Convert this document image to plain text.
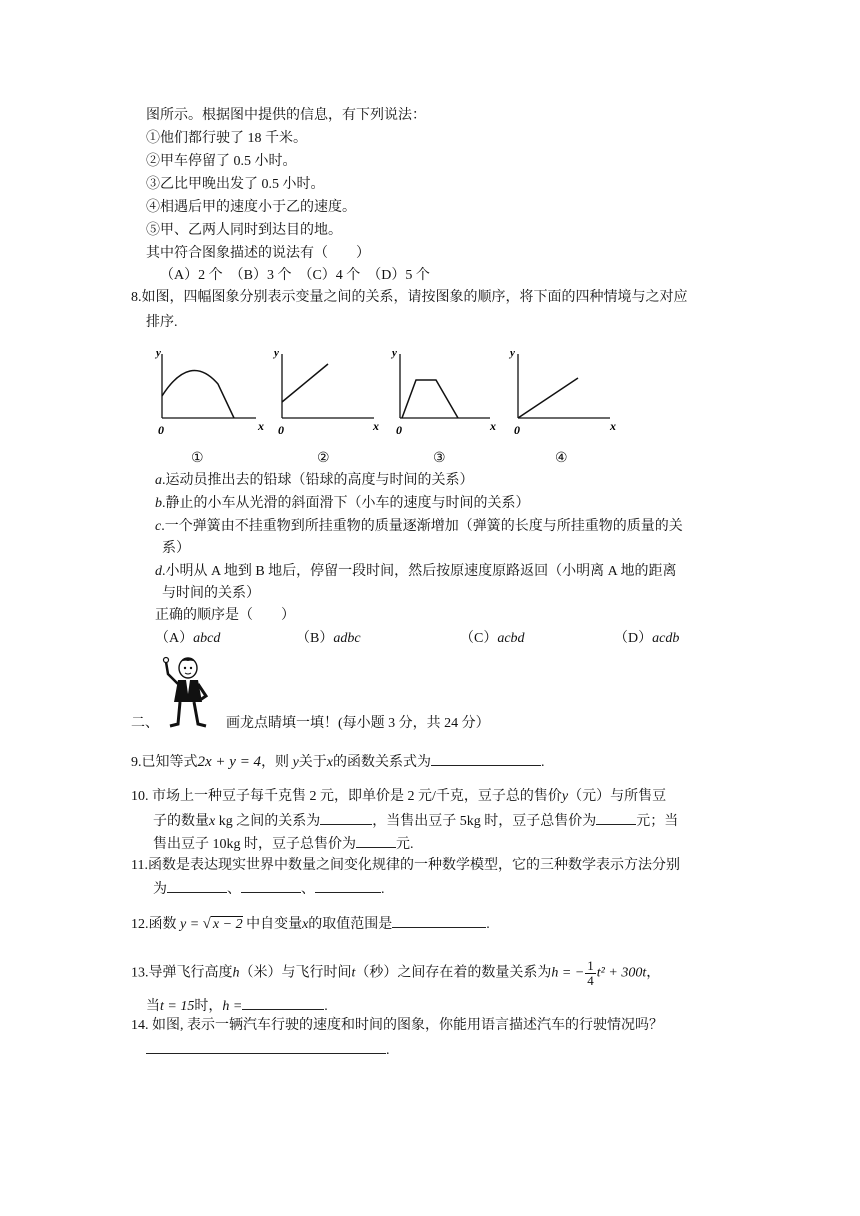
图所示。根据图中提供的信息，有下列说法：
①他们都行驶了 18 千米。
②甲车停留了 0.5 小时。
③乙比甲晚出发了 0.5 小时。
④相遇后甲的速度小于乙的速度。
⑤甲、乙两人同时到达目的地。
其中符合图象描述的说法有（　　）
（A）2 个　（B）3 个　（C）4 个　（D）5 个
8.如图，四幅图象分别表示变量之间的关系，请按图象的顺序，将下面的四种情境与之对应
排序.
y
0	x
y
0	x
y
0	x
y
0	x
①	②	③	④
a.运动员推出去的铅球（铅球的高度与时间的关系）
b.静止的小车从光滑的斜面滑下（小车的速度与时间的关系）
c.一个弹簧由不挂重物到所挂重物的质量逐渐增加（弹簧的长度与所挂重物的质量的关
系）
d.小明从 A 地到 B 地后，停留一段时间，然后按原速度原路返回（小明离 A 地的距离
与时间的关系）
正确的顺序是（　　）
（A）abcd	（B）adbc	（C）acbd	（D）acdb
二、	画龙点睛填一填！(每小题 3 分，共 24 分）
9.已知等式2x + y = 4，则 y关于x的函数关系式为	.
10. 市场上一种豆子每千克售 2 元，即单价是 2 元/千克，豆子总的售价y（元）与所售豆
子的数量x kg 之间的关系为	，当售出豆子 5kg 时，豆子总售价为	元；当
售出豆子 10kg 时，豆子总售价为	元.
11.函数是表达现实世界中数量之间变化规律的一种数学模型，它的三种数学表示方法分别
为	、	、	.
12.函数 y = √ x − 2 中自变量x的取值范围是	.
13.导弹飞行高度h（米）与飞行时间t（秒）之间存在着的数量关系为h = − $\frac{1}{4} t^2 + 300t$，
当t = 15时，h =	.
14. 如图, 表示一辆汽车行驶的速度和时间的图象，你能用语言描述汽车的行驶情况吗？
.
